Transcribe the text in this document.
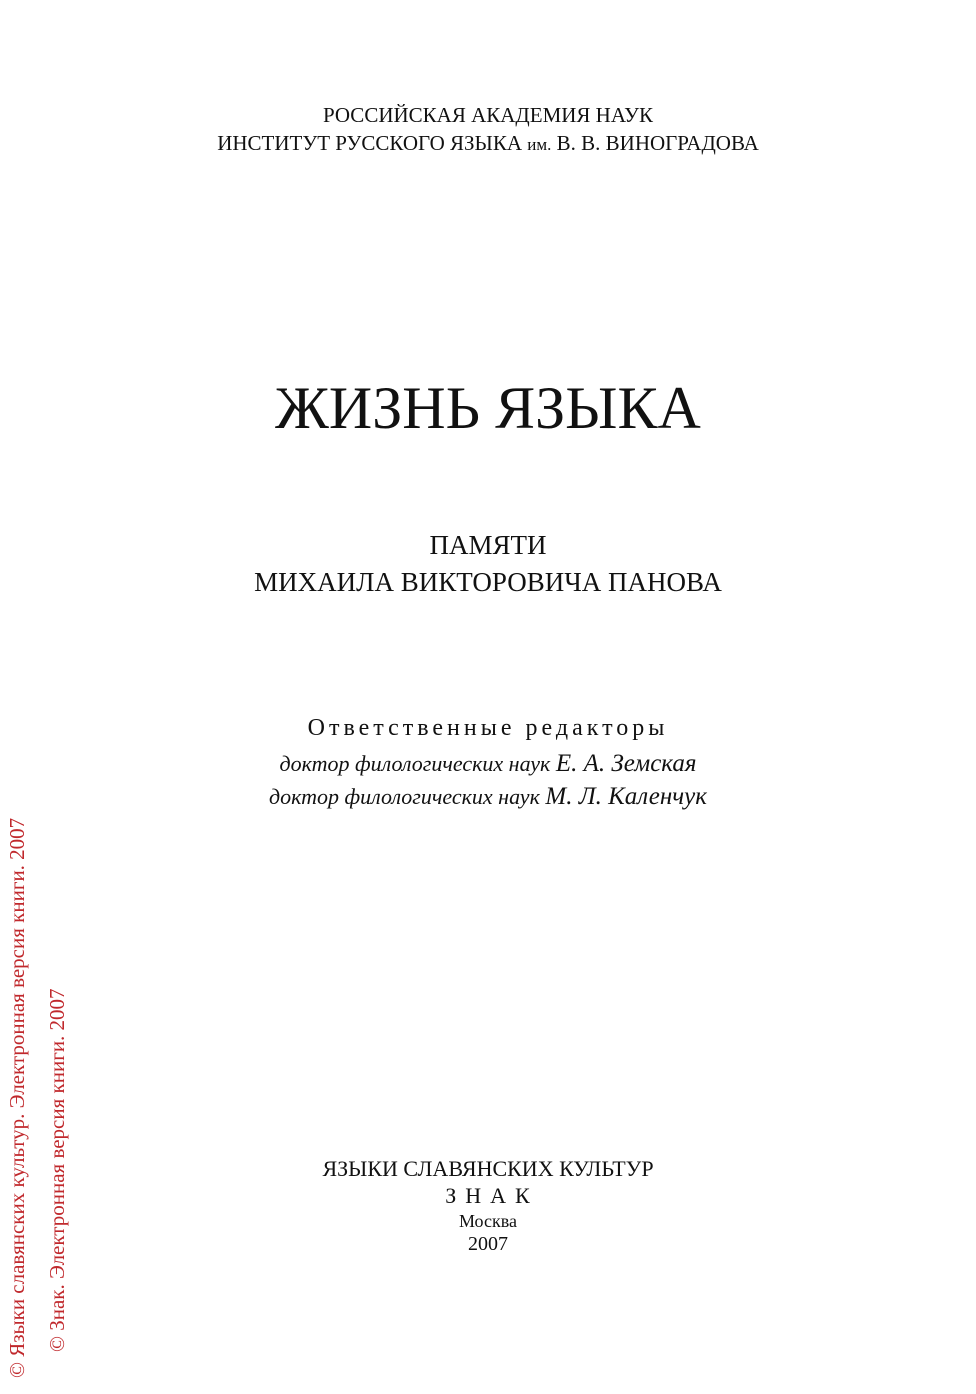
РОССИЙСКАЯ АКАДЕМИЯ НАУК
ИНСТИТУТ РУССКОГО ЯЗЫКА им. В. В. ВИНОГРАДОВА
ЖИЗНЬ ЯЗЫКА
ПАМЯТИ
МИХАИЛА ВИКТОРОВИЧА ПАНОВА
Ответственные редакторы
доктор филологических наук Е. А. Земская
доктор филологических наук М. Л. Каленчук
ЯЗЫКИ СЛАВЯНСКИХ КУЛЬТУР
ЗНАК
Москва
2007
© Языки славянских культур. Электронная версия книги. 2007 © Знак. Электронная версия книги. 2007
